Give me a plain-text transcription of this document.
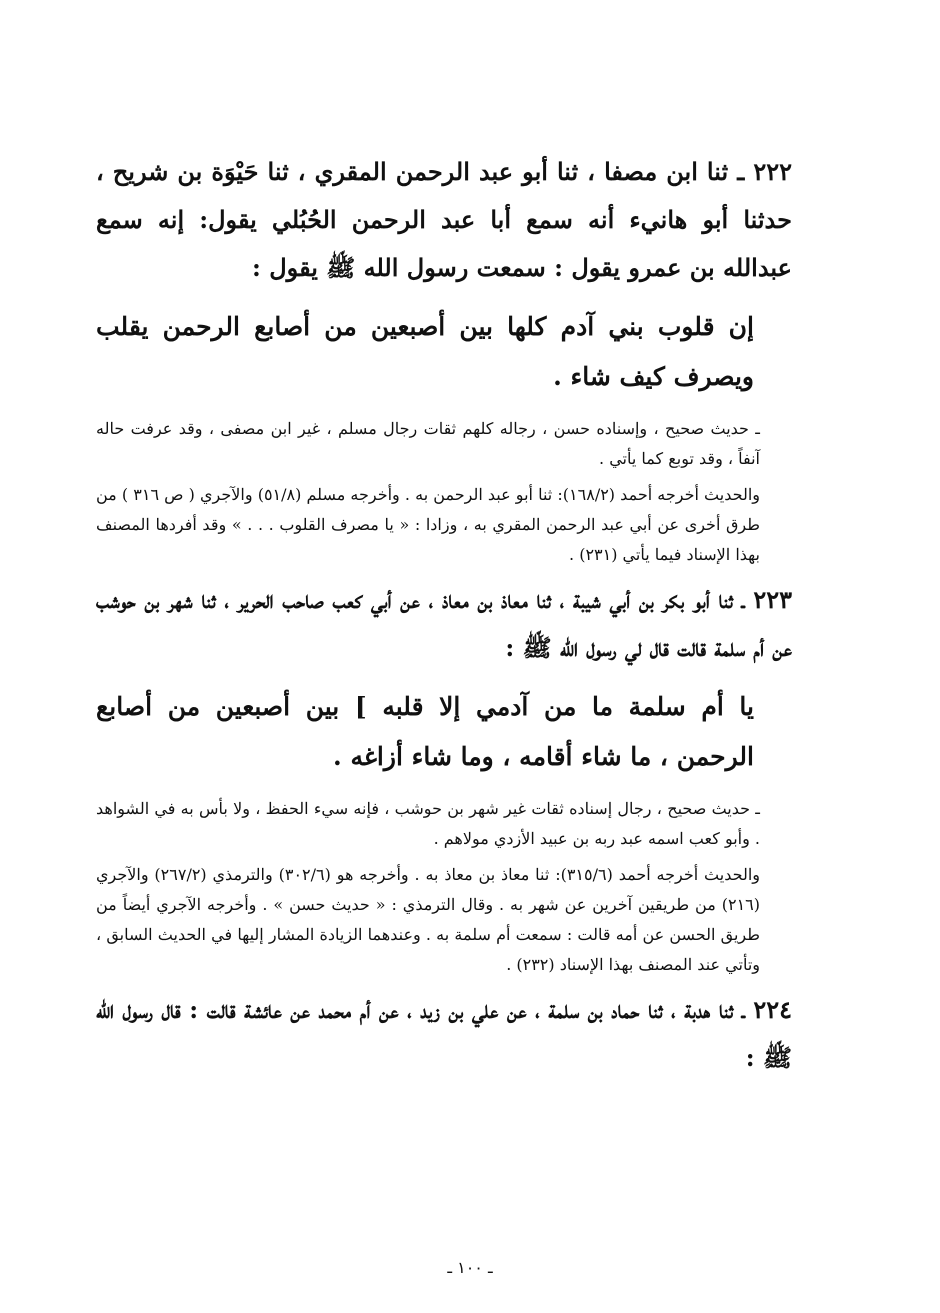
٢٢٢ ـ ثنا ابن مصفا ، ثنا أبو عبد الرحمن المقري ، ثنا حَيْوَة بن شريح ، حدثنا أبو هانيء أنه سمع أبا عبد الرحمن الحُبُلي يقول: إنه سمع عبدالله بن عمرو يقول : سمعت رسول الله ﷺ يقول :

إن قلوب بني آدم كلها بين أصبعين من أصابع الرحمن يقلب ويصرف كيف شاء .

ـ حديث صحيح ، وإسناده حسن ، رجاله كلهم ثقات رجال مسلم ، غير ابن مصفى ، وقد عرفت حاله آنفاً ، وقد توبع كما يأتي .

والحديث أخرجه أحمد (١٦٨/٢): ثنا أبو عبد الرحمن به . وأخرجه مسلم (٥١/٨) والآجري ( ص ٣١٦ ) من طرق أخرى عن أبي عبد الرحمن المقري به ، وزادا : « يا مصرف القلوب . . . » وقد أفردها المصنف بهذا الإسناد فيما يأتي (٢٣١) .

٢٢٣ ـ ثنا أبو بكر بن أبي شيبة ، ثنا معاذ بن معاذ ، عن أبي كعب صاحب الحرير ، ثنا شهر بن حوشب عن أم سلمة قالت قال لي رسول الله ﷺ :

يا أم سلمة ما من آدمي إلا قلبه ] بين أصبعين من أصابع الرحمن ، ما شاء أقامه ، وما شاء أزاغه .

ـ حديث صحيح ، رجال إسناده ثقات غير شهر بن حوشب ، فإنه سيء الحفظ ، ولا بأس به في الشواهد . وأبو كعب اسمه عبد ربه بن عبيد الأزدي مولاهم .

والحديث أخرجه أحمد (٣١٥/٦): ثنا معاذ بن معاذ به . وأخرجه هو (٣٠٢/٦) والترمذي (٢٦٧/٢) والآجري (٢١٦) من طريقين آخرين عن شهر به . وقال الترمذي : « حديث حسن » . وأخرجه الآجري أيضاً من طريق الحسن عن أمه قالت : سمعت أم سلمة به . وعندهما الزيادة المشار إليها في الحديث السابق ، وتأتي عند المصنف بهذا الإسناد (٢٣٢) .

٢٢٤ ـ ثنا هدبة ، ثنا حماد بن سلمة ، عن علي بن زيد ، عن أم محمد عن عائشة قالت : قال رسول الله ﷺ :

ـ ١٠٠ ـ
